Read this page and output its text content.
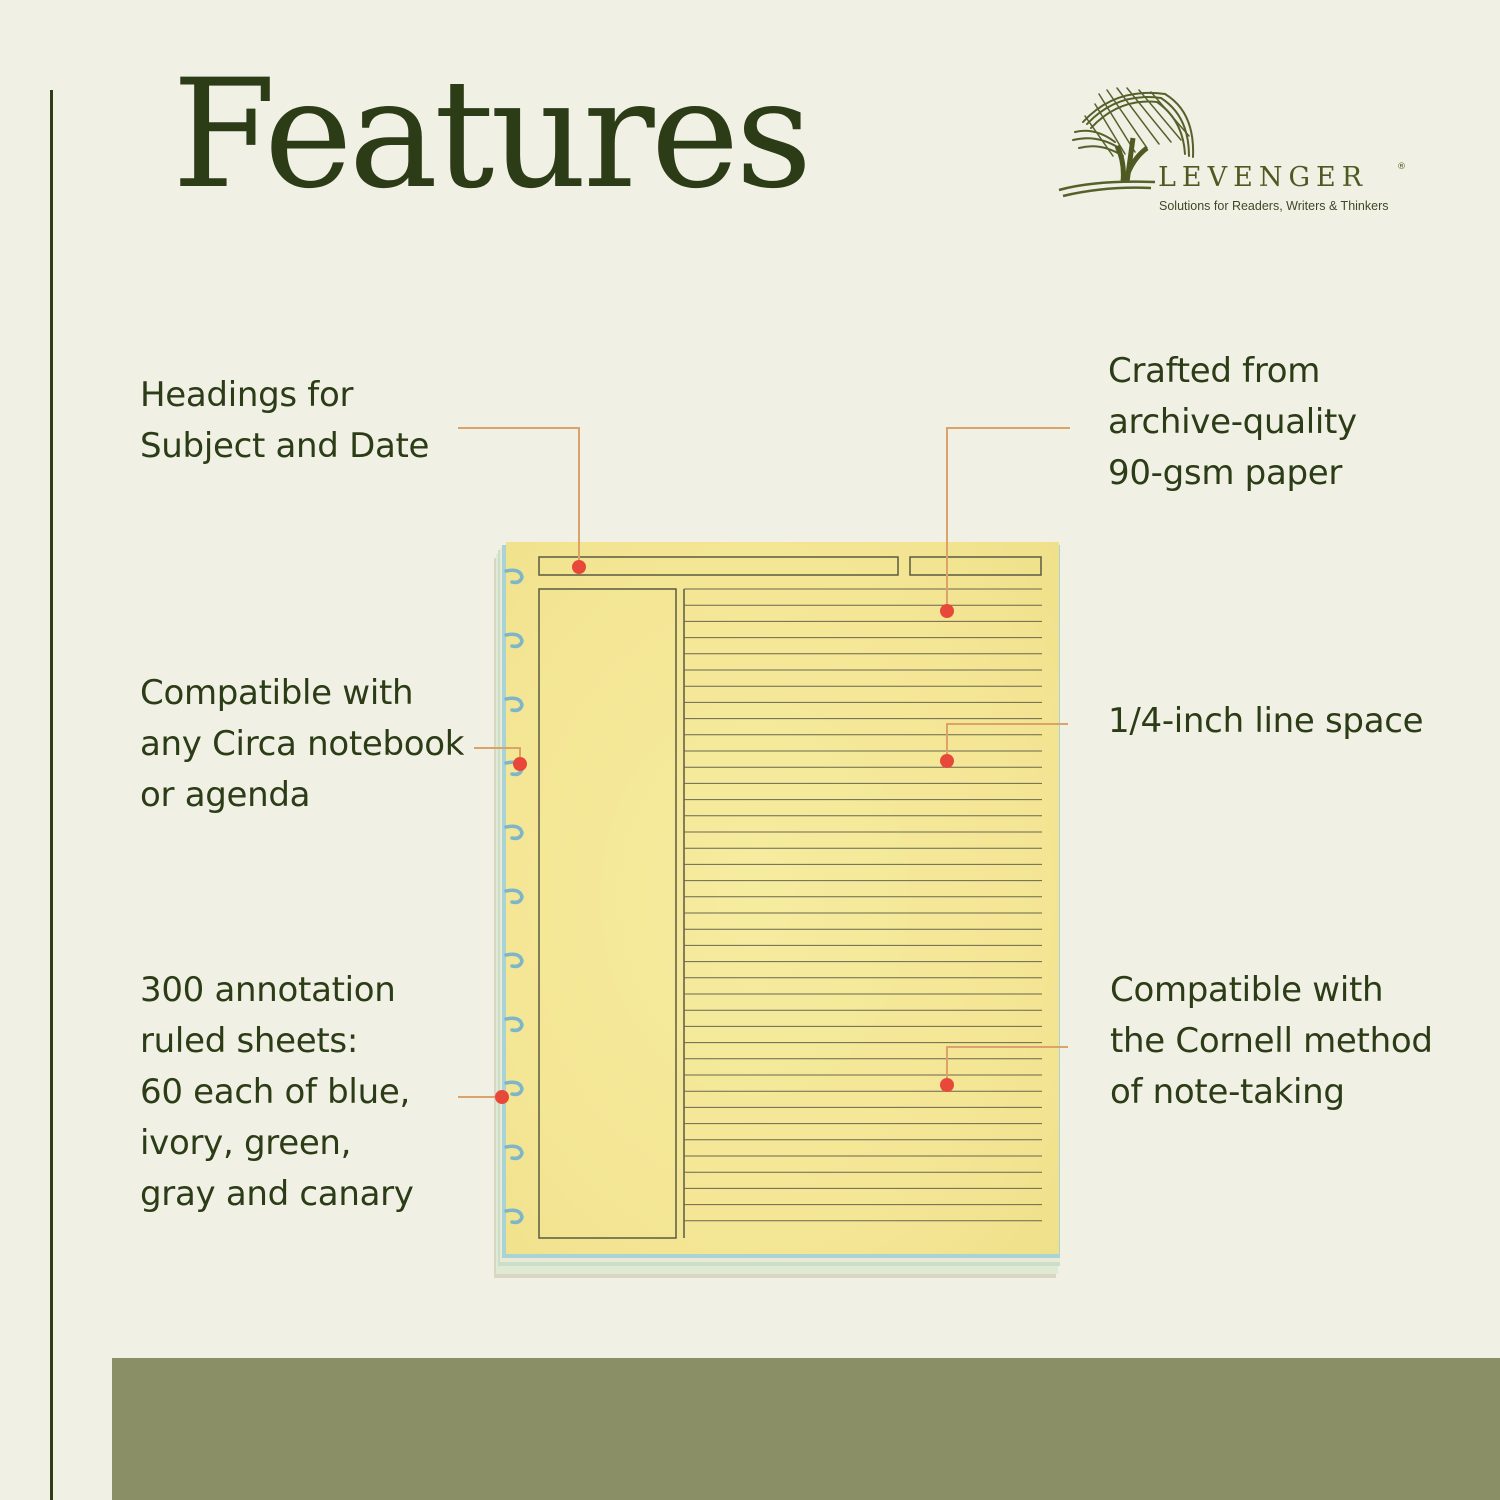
Features	LEVENGER	®
Solutions for Readers, Writers & Thinkers

Headings for
Subject and Date

Compatible with
any Circa notebook
or agenda

300 annotation
ruled sheets:
60 each of blue,
ivory, green,
gray and canary

Crafted from
archive-quality
90-gsm paper

1/4-inch line space

Compatible with
the Cornell method
of note-taking
